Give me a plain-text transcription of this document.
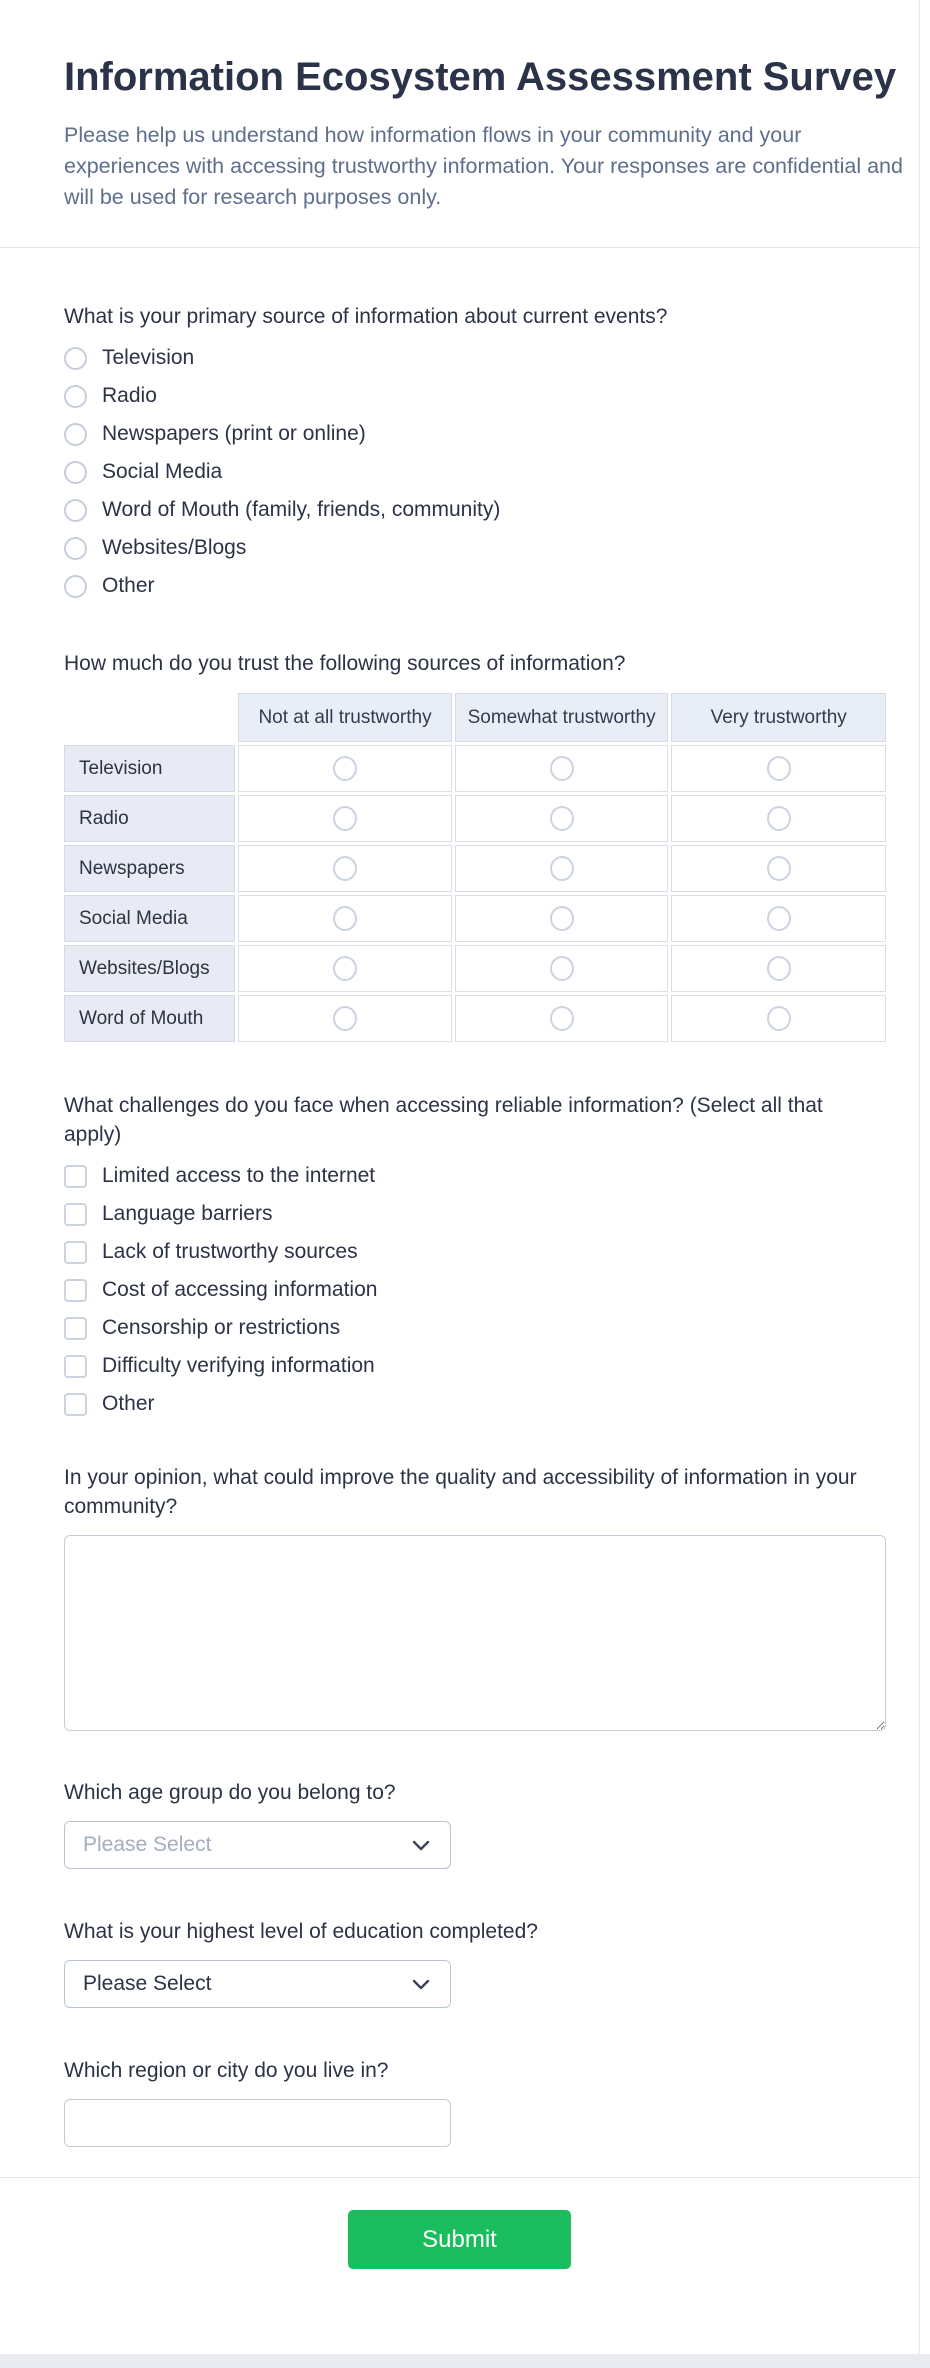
Information Ecosystem Assessment Survey

Please help us understand how information flows in your community and your experiences with accessing trustworthy information. Your responses are confidential and will be used for research purposes only.

What is your primary source of information about current events?
Television
Radio
Newspapers (print or online)
Social Media
Word of Mouth (family, friends, community)
Websites/Blogs
Other
How much do you trust the following sources of information?
	Not at all trustworthy	Somewhat trustworthy	Very trustworthy
Television			
Radio			
Newspapers			
Social Media			
Websites/Blogs			
Word of Mouth			
What challenges do you face when accessing reliable information? (Select all that apply)
Limited access to the internet
Language barriers
Lack of trustworthy sources
Cost of accessing information
Censorship or restrictions
Difficulty verifying information
Other
In your opinion, what could improve the quality and accessibility of information in your community?
Which age group do you belong to?
Please Select
What is your highest level of education completed?
Please Select
Which region or city do you live in?
Submit
